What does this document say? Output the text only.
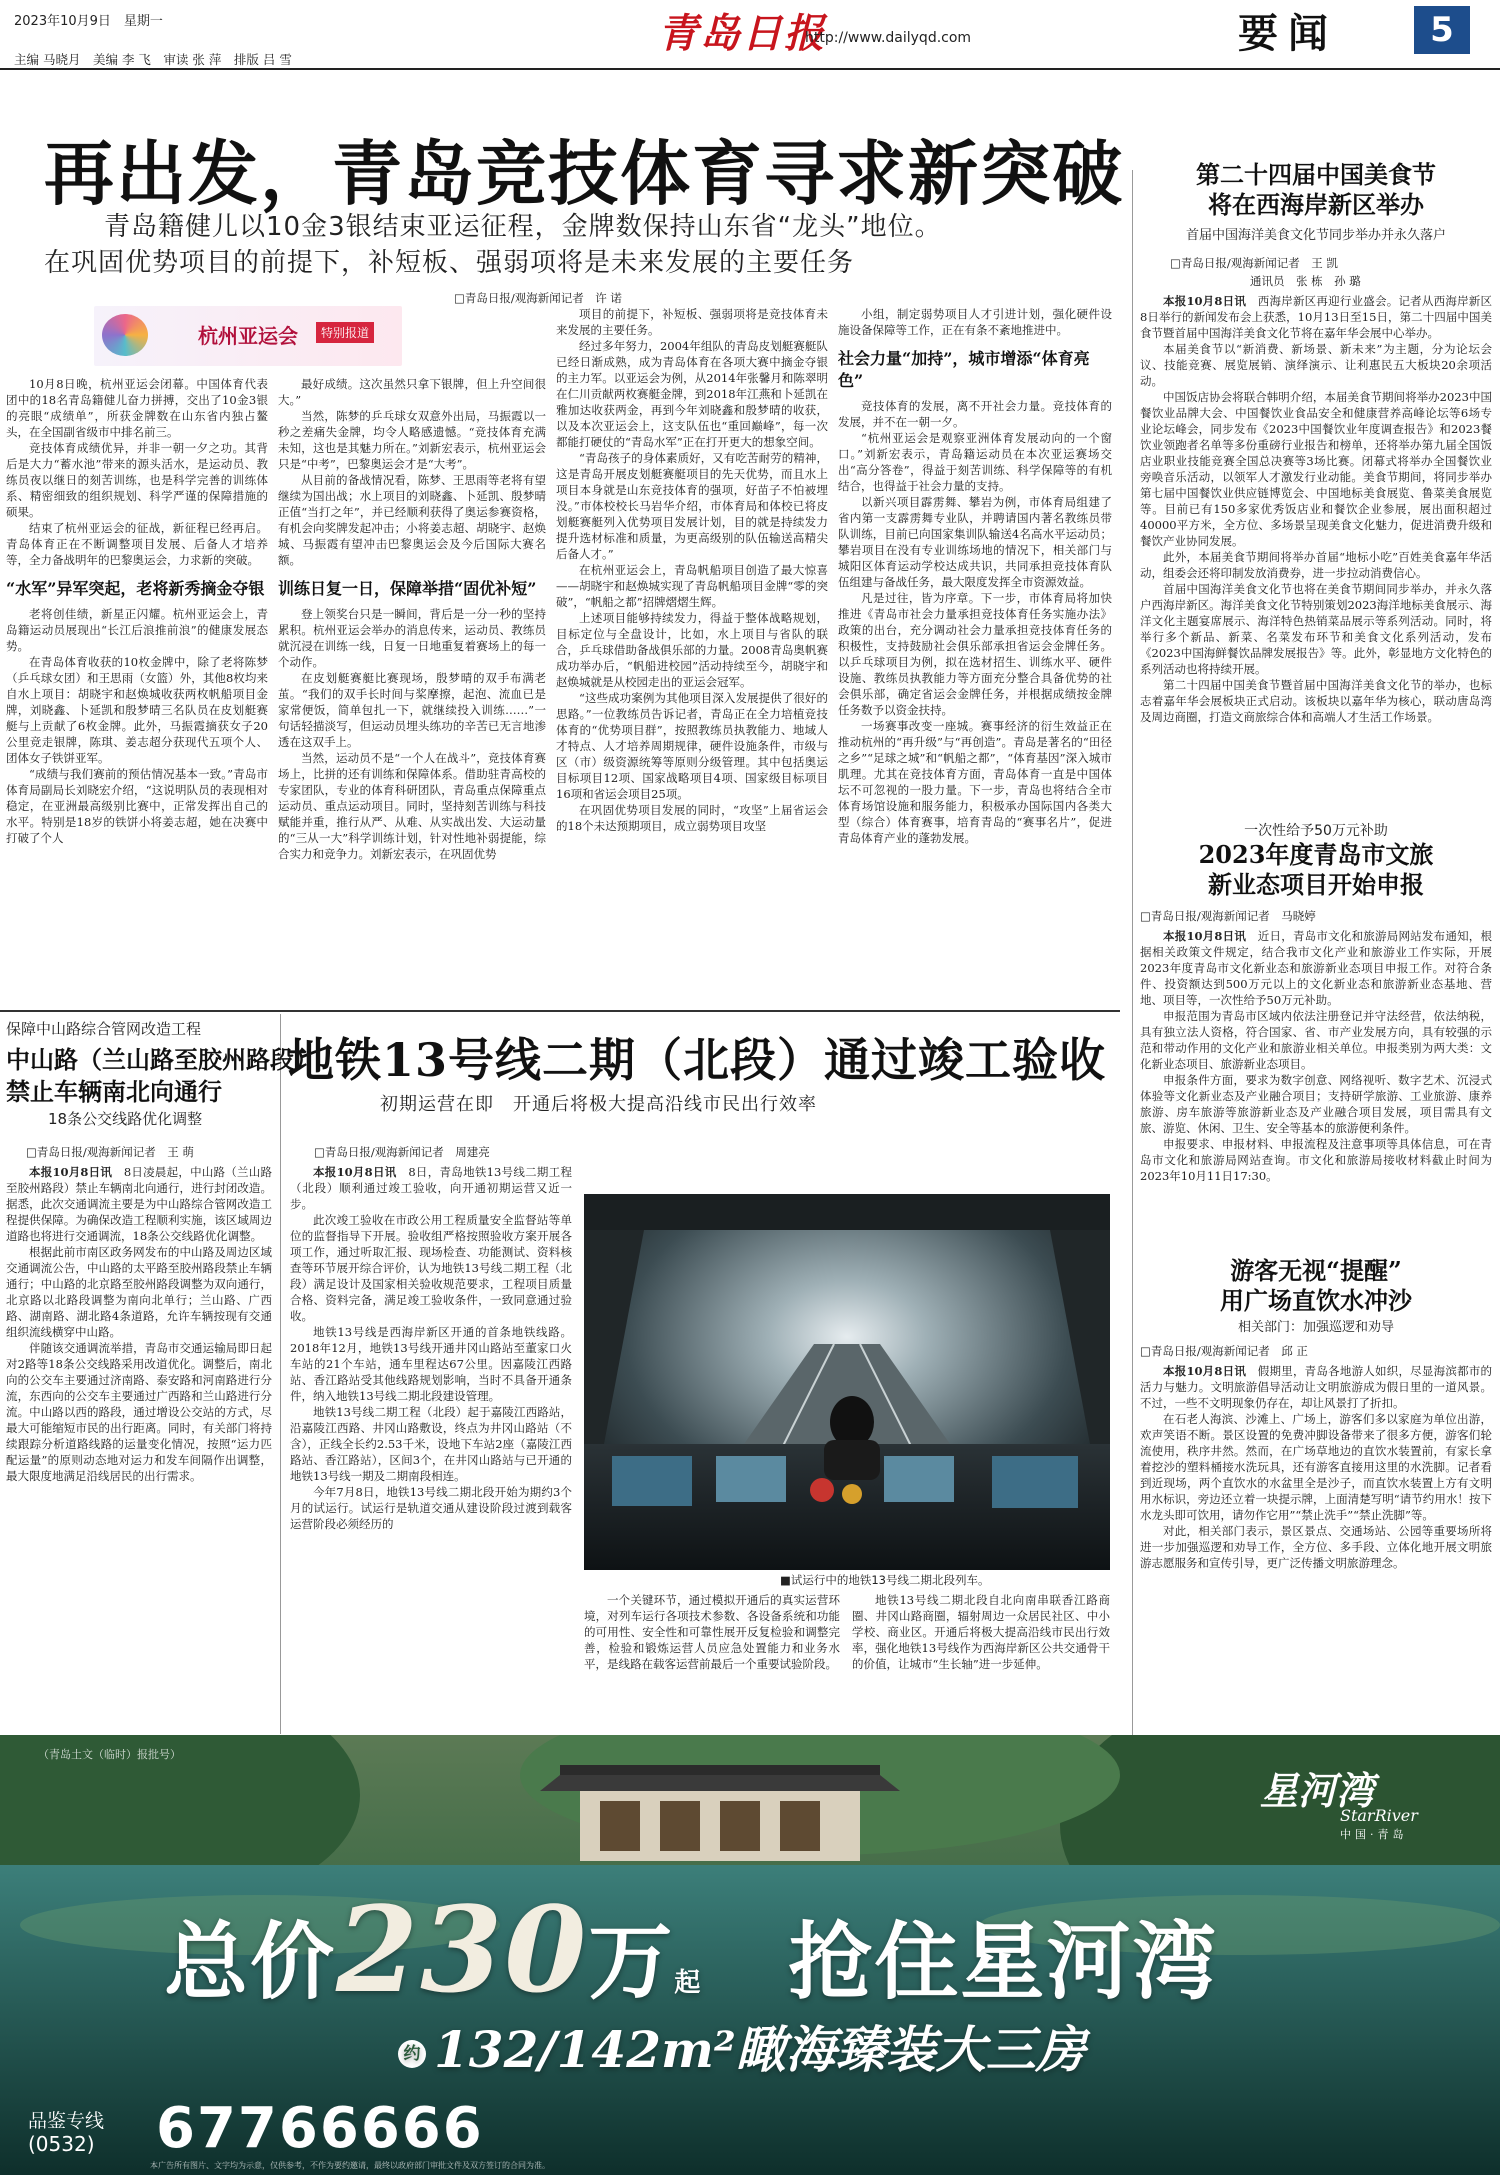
2023年10月9日　星期一
主编 马晓月　美编 李 飞　审读 张 萍　排版 吕 雪
青岛日报
http://www.dailyqd.com	要闻	5
再出发，青岛竞技体育寻求新突破
青岛籍健儿以10金3银结束亚运征程，金牌数保持山东省“龙头”地位。
在巩固优势项目的前提下，补短板、强弱项将是未来发展的主要任务
□青岛日报/观海新闻记者　许 诺
杭州亚运会	特别报道

10月8日晚，杭州亚运会闭幕。中国体育代表团中的18名青岛籍健儿奋力拼搏，交出了10金3银的亮眼“成绩单”，所获金牌数在山东省内独占鳌头，在全国副省级市中排名前三。

竞技体育成绩优异，并非一朝一夕之功。其背后是大力“蓄水池”带来的源头活水，是运动员、教练员夜以继日的刻苦训练，也是科学完善的训练体系、精密细致的组织规划、科学严谨的保障措施的硕果。

结束了杭州亚运会的征战，新征程已经再启。青岛体育正在不断调整项目发展、后备人才培养等，全力备战明年的巴黎奥运会，力求新的突破。

“水军”异军突起，老将新秀摘金夺银

老将创佳绩，新星正闪耀。杭州亚运会上，青岛籍运动员展现出“长江后浪推前浪”的健康发展态势。

在青岛体育收获的10枚金牌中，除了老将陈梦（乒乓球女团）和王思雨（女篮）外，其他8枚均来自水上项目：胡晓宇和赵焕城收获两枚帆船项目金牌，刘晓鑫、卜延凯和殷梦晴三名队员在皮划艇赛艇与上贡献了6枚金牌。此外，马振霞摘获女子20公里竞走银牌，陈琪、姜志超分获现代五项个人、团体女子铁饼亚军。

“成绩与我们赛前的预估情况基本一致。”青岛市体育局副局长刘晓宏介绍，“这说明队员的表现相对稳定，在亚洲最高级别比赛中，正常发挥出自己的水平。特别是18岁的铁饼小将姜志超，她在决赛中打破了个人

最好成绩。这次虽然只拿下银牌，但上升空间很大。”

当然，陈梦的乒乓球女双意外出局，马振霞以一秒之差痛失金牌，均令人略感遗憾。“竞技体育充满未知，这也是其魅力所在。”刘新宏表示，杭州亚运会只是“中考”，巴黎奥运会才是“大考”。

从目前的备战情况看，陈梦、王思雨等老将有望继续为国出战；水上项目的刘晓鑫、卜延凯、殷梦晴正值“当打之年”，并已经顺利获得了奥运参赛资格，有机会向奖牌发起冲击；小将姜志超、胡晓宇、赵焕城、马振霞有望冲击巴黎奥运会及今后国际大赛名额。

训练日复一日，保障举措“固优补短”

登上领奖台只是一瞬间，背后是一分一秒的坚持累积。杭州亚运会举办的消息传来，运动员、教练员就沉浸在训练一线，日复一日地重复着赛场上的每一个动作。

在皮划艇赛艇比赛现场，殷梦晴的双手布满老茧。“我们的双手长时间与桨摩擦，起泡、流血已是家常便饭，简单包扎一下，就继续投入训练……”一句话轻描淡写，但运动员埋头练功的辛苦已无言地渗透在这双手上。

当然，运动员不是“一个人在战斗”，竞技体育赛场上，比拼的还有训练和保障体系。借助驻青高校的专家团队，专业的体育科研团队，青岛重点保障重点运动员、重点运动项目。同时，坚持刻苦训练与科技赋能并重，推行从严、从难、从实战出发、大运动量的“三从一大”科学训练计划，针对性地补弱提能，综合实力和竞争力。刘新宏表示，在巩固优势

项目的前提下，补短板、强弱项将是竞技体育未来发展的主要任务。

经过多年努力，2004年组队的青岛皮划艇赛艇队已经日渐成熟，成为青岛体育在各项大赛中摘金夺银的主力军。以亚运会为例，从2014年张馨月和陈翠明在仁川贡献两枚赛艇金牌，到2018年江燕和卜延凯在雅加达收获两金，再到今年刘晓鑫和殷梦晴的收获，以及本次亚运会上，这支队伍也“重回巅峰”，每一次都能打硬仗的“青岛水军”正在打开更大的想象空间。

“青岛孩子的身体素质好，又有吃苦耐劳的精神，这是青岛开展皮划艇赛艇项目的先天优势，而且水上项目本身就是山东竞技体育的强项，好苗子不怕被埋没。”市体校校长马岩华介绍，市体育局和体校已将皮划艇赛艇列入优势项目发展计划，目的就是持续发力提升选材标准和质量，为更高级别的队伍输送高精尖后备人才。”

在杭州亚运会上，青岛帆船项目创造了最大惊喜——胡晓宇和赵焕城实现了青岛帆船项目金牌“零的突破”，“帆船之都”招牌熠熠生辉。

上述项目能够持续发力，得益于整体战略规划，目标定位与全盘设计，比如，水上项目与省队的联合，乒乓球借助备战俱乐部的力量。2008青岛奥帆赛成功举办后，“帆船进校园”活动持续至今，胡晓宇和赵焕城就是从校园走出的亚运会冠军。

“这些成功案例为其他项目深入发展提供了很好的思路。”一位教练员告诉记者，青岛正在全力培植竞技体育的“优势项目群”，按照教练员执教能力、地域人才特点、人才培养周期规律，硬件设施条件，市级与区（市）级资源统筹等原则分级管理。其中包括奥运目标项目12项、国家战略项目4项、国家级目标项目16项和省运会项目25项。

在巩固优势项目发展的同时，“攻坚”上届省运会的18个未达预期项目，成立弱势项目攻坚

小组，制定弱势项目人才引进计划，强化硬件设施设备保障等工作，正在有条不紊地推进中。

社会力量“加持”，城市增添“体育亮色”

竞技体育的发展，离不开社会力量。竞技体育的发展，并不在一朝一夕。

“杭州亚运会是观察亚洲体育发展动向的一个窗口。”刘新宏表示，青岛籍运动员在本次亚运赛场交出“高分答卷”，得益于刻苦训练、科学保障等的有机结合，也得益于社会力量的支持。

以新兴项目霹雳舞、攀岩为例，市体育局组建了省内第一支霹雳舞专业队，并聘请国内著名教练员带队训练，目前已向国家集训队输送4名高水平运动员；攀岩项目在没有专业训练场地的情况下，相关部门与城阳区体育运动学校达成共识，共同承担竞技体育队伍组建与备战任务，最大限度发挥全市资源效益。

凡是过往，皆为序章。下一步，市体育局将加快推进《青岛市社会力量承担竞技体育任务实施办法》政策的出台，充分调动社会力量承担竞技体育任务的积极性，支持鼓励社会俱乐部承担省运会金牌任务。以乒乓球项目为例，拟在选材招生、训练水平、硬件设施、教练员执教能力等方面充分整合具备优势的社会俱乐部，确定省运会金牌任务，并根据成绩按金牌任务数予以资金扶持。

一场赛事改变一座城。赛事经济的衍生效益正在推动杭州的“再升级”与“再创造”。青岛是著名的“田径之乡”“足球之城”和“帆船之都”，“体育基因”深入城市肌理。尤其在竞技体育方面，青岛体育一直是中国体坛不可忽视的一股力量。下一步，青岛也将结合全市体育场馆设施和服务能力，积极承办国际国内各类大型（综合）体育赛事，培育青岛的“赛事名片”，促进青岛体育产业的蓬勃发展。

第二十四届中国美食节
将在西海岸新区举办
首届中国海洋美食文化节同步举办并永久落户
□青岛日报/观海新闻记者　王 凯
通讯员　张 栋　孙 璐

本报10月8日讯　 西海岸新区再迎行业盛会。记者从西海岸新区8日举行的新闻发布会上获悉，10月13日至15日，第二十四届中国美食节暨首届中国海洋美食文化节将在嘉年华会展中心举办。

本届美食节以“新消费、新场景、新未来”为主题，分为论坛会议、技能竞赛、展览展销、演绎演示、让利惠民五大板块20余项活动。

中国饭店协会将联合韩明介绍，本届美食节期间将举办2023中国餐饮业品牌大会、中国餐饮业食品安全和健康营养高峰论坛等6场专业论坛峰会，同步发布《2023中国餐饮业年度调查报告》和2023餐饮业领跑者名单等多份重磅行业报告和榜单，还将举办第九届全国饭店业职业技能竞赛全国总决赛等3场比赛。闭幕式将举办全国餐饮业旁唤音乐活动，以领军人才激发行业动能。美食节期间，将同步举办第七届中国餐饮业供应链博览会、中国地标美食展览、鲁菜美食展览等。目前已有150多家优秀饭店业和餐饮企业参展，展出面积超过40000平方米，全方位、多场景呈现美食文化魅力，促进消费升级和餐饮产业协同发展。

此外，本届美食节期间将举办首届“地标小吃”百姓美食嘉年华活动，组委会还将印制发放消费券，进一步拉动消费信心。

首届中国海洋美食文化节也将在美食节期间同步举办，并永久落户西海岸新区。海洋美食文化节特别策划2023海洋地标美食展示、海洋文化主题宴席展示、海洋特色热销菜品展示等系列活动。同时，将举行多个新品、新菜、名菜发布环节和美食文化系列活动，发布《2023中国海鲜餐饮品牌发展报告》等。此外，彰显地方文化特色的系列活动也将持续开展。

第二十四届中国美食节暨首届中国海洋美食文化节的举办，也标志着嘉年华会展板块正式启动。该板块以嘉年华为核心，联动唐岛湾及周边商圈，打造文商旅综合体和高端人才生活工作场景。

一次性给予50万元补助
2023年度青岛市文旅
新业态项目开始申报
□青岛日报/观海新闻记者　马晓婷

本报10月8日讯　 近日，青岛市文化和旅游局网站发布通知，根据相关政策文件规定，结合我市文化产业和旅游业工作实际，开展2023年度青岛市文化新业态和旅游新业态项目申报工作。对符合条件、投资额达到500万元以上的文化新业态和旅游新业态基地、营地、项目等，一次性给予50万元补助。

申报范围为青岛市区域内依法注册登记并守法经营，依法纳税，具有独立法人资格，符合国家、省、市产业发展方向，具有较强的示范和带动作用的文化产业和旅游业相关单位。申报类别为两大类：文化新业态项目、旅游新业态项目。

申报条件方面，要求为数字创意、网络视听、数字艺术、沉浸式体验等文化新业态及产业融合项目；支持研学旅游、工业旅游、康养旅游、房车旅游等旅游新业态及产业融合项目发展，项目需具有文旅、游览、休闲、卫生、安全等基本的旅游便利条件。

申报要求、申报材料、申报流程及注意事项等具体信息，可在青岛市文化和旅游局网站查询。市文化和旅游局接收材料截止时间为2023年10月11日17:30。

游客无视“提醒”
用广场直饮水冲沙
相关部门：加强巡逻和劝导
□青岛日报/观海新闻记者　邱 正

本报10月8日讯　 假期里，青岛各地游人如织，尽显海滨都市的活力与魅力。文明旅游倡导活动让文明旅游成为假日里的一道风景。不过，一些不文明现象仍存在，却让风景打了折扣。

在石老人海滨、沙滩上、广场上，游客们多以家庭为单位出游，欢声笑语不断。景区设置的免费冲脚设备带来了很多方便，游客们轮流使用，秩序井然。然而，在广场草地边的直饮水装置前，有家长拿着挖沙的塑料桶接水洗玩具，还有游客直接用这里的水洗脚。记者看到近现场，两个直饮水的水盆里全是沙子，而直饮水装置上方有文明用水标识，旁边还立着一块提示牌，上面清楚写明“请节约用水！按下水龙头即可饮用，请勿作它用”“禁止洗手”“禁止洗脚”等。

对此，相关部门表示，景区景点、交通场站、公园等重要场所将进一步加强巡逻和劝导工作，全方位、多手段、立体化地开展文明旅游志愿服务和宣传引导，更广泛传播文明旅游理念。

保障中山路综合管网改造工程
中山路（兰山路至胶州路段）
禁止车辆南北向通行
18条公交线路优化调整
□青岛日报/观海新闻记者　王 萌

本报10月8日讯　 8日凌晨起，中山路（兰山路至胶州路段）禁止车辆南北向通行，进行封闭改造。据悉，此次交通调流主要是为中山路综合管网改造工程提供保障。为确保改造工程顺利实施，该区域周边道路也将进行交通调流，18条公交线路优化调整。

根据此前市南区政务网发布的中山路及周边区域交通调流公告，中山路的太平路至胶州路段禁止车辆通行；中山路的北京路至胶州路段调整为双向通行，北京路以北路段调整为南向北单行；兰山路、广西路、湖南路、湖北路4条道路，允许车辆按现有交通组织流线横穿中山路。

伴随该交通调流举措，青岛市交通运输局即日起对2路等18条公交线路采用改道优化。调整后，南北向的公交车主要通过济南路、泰安路和河南路进行分流，东西向的公交车主要通过广西路和兰山路进行分流。中山路以西的路段，通过增设公交站的方式，尽最大可能缩短市民的出行距离。同时，有关部门将持续跟踪分析道路线路的运量变化情况，按照“运力匹配运量”的原则动态地对运力和发车间隔作出调整，最大限度地满足沿线居民的出行需求。

地铁13号线二期（北段）通过竣工验收
初期运营在即　开通后将极大提高沿线市民出行效率
□青岛日报/观海新闻记者　周建亮

本报10月8日讯　 8日，青岛地铁13号线二期工程（北段）顺利通过竣工验收，向开通初期运营又近一步。

此次竣工验收在市政公用工程质量安全监督站等单位的监督指导下开展。验收组严格按照验收方案开展各项工作，通过听取汇报、现场检查、功能测试、资料核查等环节展开综合评价，认为地铁13号线二期工程（北段）满足设计及国家相关验收规范要求，工程项目质量合格、资料完备，满足竣工验收条件，一致同意通过验收。

地铁13号线是西海岸新区开通的首条地铁线路。2018年12月，地铁13号线开通井冈山路站至董家口火车站的21个车站，通车里程达67公里。因嘉陵江西路站、香江路站受其他线路规划影响，当时不具备开通条件，纳入地铁13号线二期北段建设管理。

地铁13号线二期工程（北段）起于嘉陵江西路站，沿嘉陵江西路、井冈山路敷设，终点为井冈山路站（不含），正线全长约2.53千米，设地下车站2座（嘉陵江西路站、香江路站），区间3个，在井冈山路站与已开通的地铁13号线一期及二期南段相连。

今年7月8日，地铁13号线二期北段开始为期约3个月的试运行。试运行是轨道交通从建设阶段过渡到载客运营阶段必须经历的

■试运行中的地铁13号线二期北段列车。

一个关键环节，通过模拟开通后的真实运营环境，对列车运行各项技术参数、各设备系统和功能的可用性、安全性和可靠性展开反复检验和调整完善，检验和锻炼运营人员应急处置能力和业务水平，是线路在载客运营前最后一个重要试验阶段。

地铁13号线二期北段自北向南串联香江路商圈、井冈山路商圈，辐射周边一众居民社区、中小学校、商业区。开通后将极大提高沿线市民出行效率，强化地铁13号线作为西海岸新区公共交通骨干的价值，让城市“生长轴”进一步延伸。

（青岛土文（临时）报批号）
星河湾
StarRiver
中国·青岛
总价230万起　 抢住星河湾
约 132/142m²瞰海臻装大三房
品鉴专线
(0532) 67766666
本广告所有图片、文字均为示意，仅供参考，不作为要约邀请，最终以政府部门审批文件及双方签订的合同为准。
